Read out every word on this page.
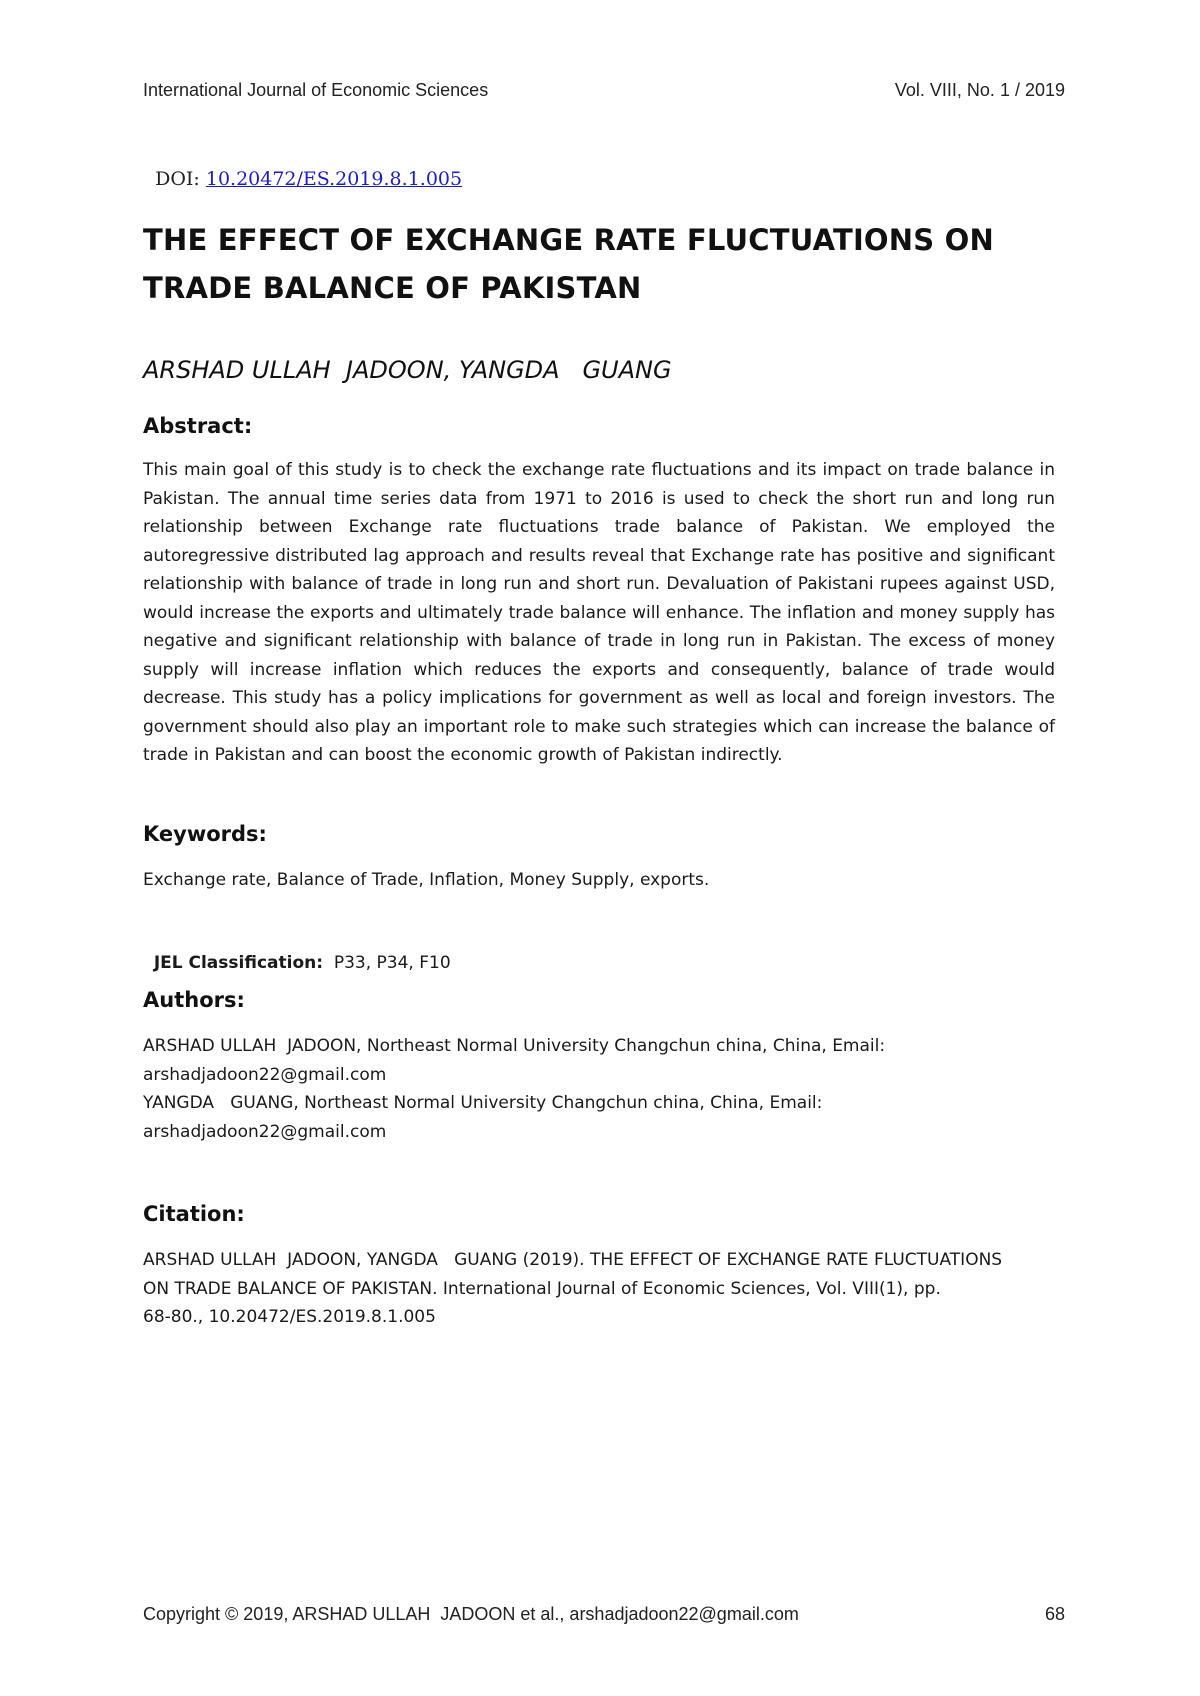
International Journal of Economic Sciences	Vol. VIII, No. 1 / 2019

DOI: 10.20472/ES.2019.8.1.005

THE EFFECT OF EXCHANGE RATE FLUCTUATIONS ON
TRADE BALANCE OF PAKISTAN
ARSHAD ULLAH  JADOON, YANGDA   GUANG
Abstract:
This main goal of this study is to check the exchange rate fluctuations and its impact on trade balance in Pakistan. The annual time series data from 1971 to 2016 is used to check the short run and long run relationship between Exchange rate fluctuations trade balance of Pakistan. We employed the autoregressive distributed lag approach and results reveal that Exchange rate has positive and significant relationship with balance of trade in long run and short run. Devaluation of Pakistani rupees against USD, would increase the exports and ultimately trade balance will enhance. The inflation and money supply has negative and significant relationship with balance of trade in long run in Pakistan. The excess of money supply will increase inflation which reduces the exports and consequently, balance of trade would decrease. This study has a policy implications for government as well as local and foreign investors. The government should also play an important role to make such strategies which can increase the balance of trade in Pakistan and can boost the economic growth of Pakistan indirectly.
Keywords:
Exchange rate, Balance of Trade, Inflation, Money Supply, exports.

JEL Classification: P33, P34, F10

Authors:
ARSHAD ULLAH  JADOON, Northeast Normal University Changchun china, China, Email:
arshadjadoon22@gmail.com
YANGDA   GUANG, Northeast Normal University Changchun china, China, Email:
arshadjadoon22@gmail.com
Citation:
ARSHAD ULLAH  JADOON, YANGDA   GUANG (2019). THE EFFECT OF EXCHANGE RATE FLUCTUATIONS
ON TRADE BALANCE OF PAKISTAN. International Journal of Economic Sciences, Vol. VIII(1), pp.
68-80., 10.20472/ES.2019.8.1.005
Copyright © 2019, ARSHAD ULLAH  JADOON et al., arshadjadoon22@gmail.com	68
